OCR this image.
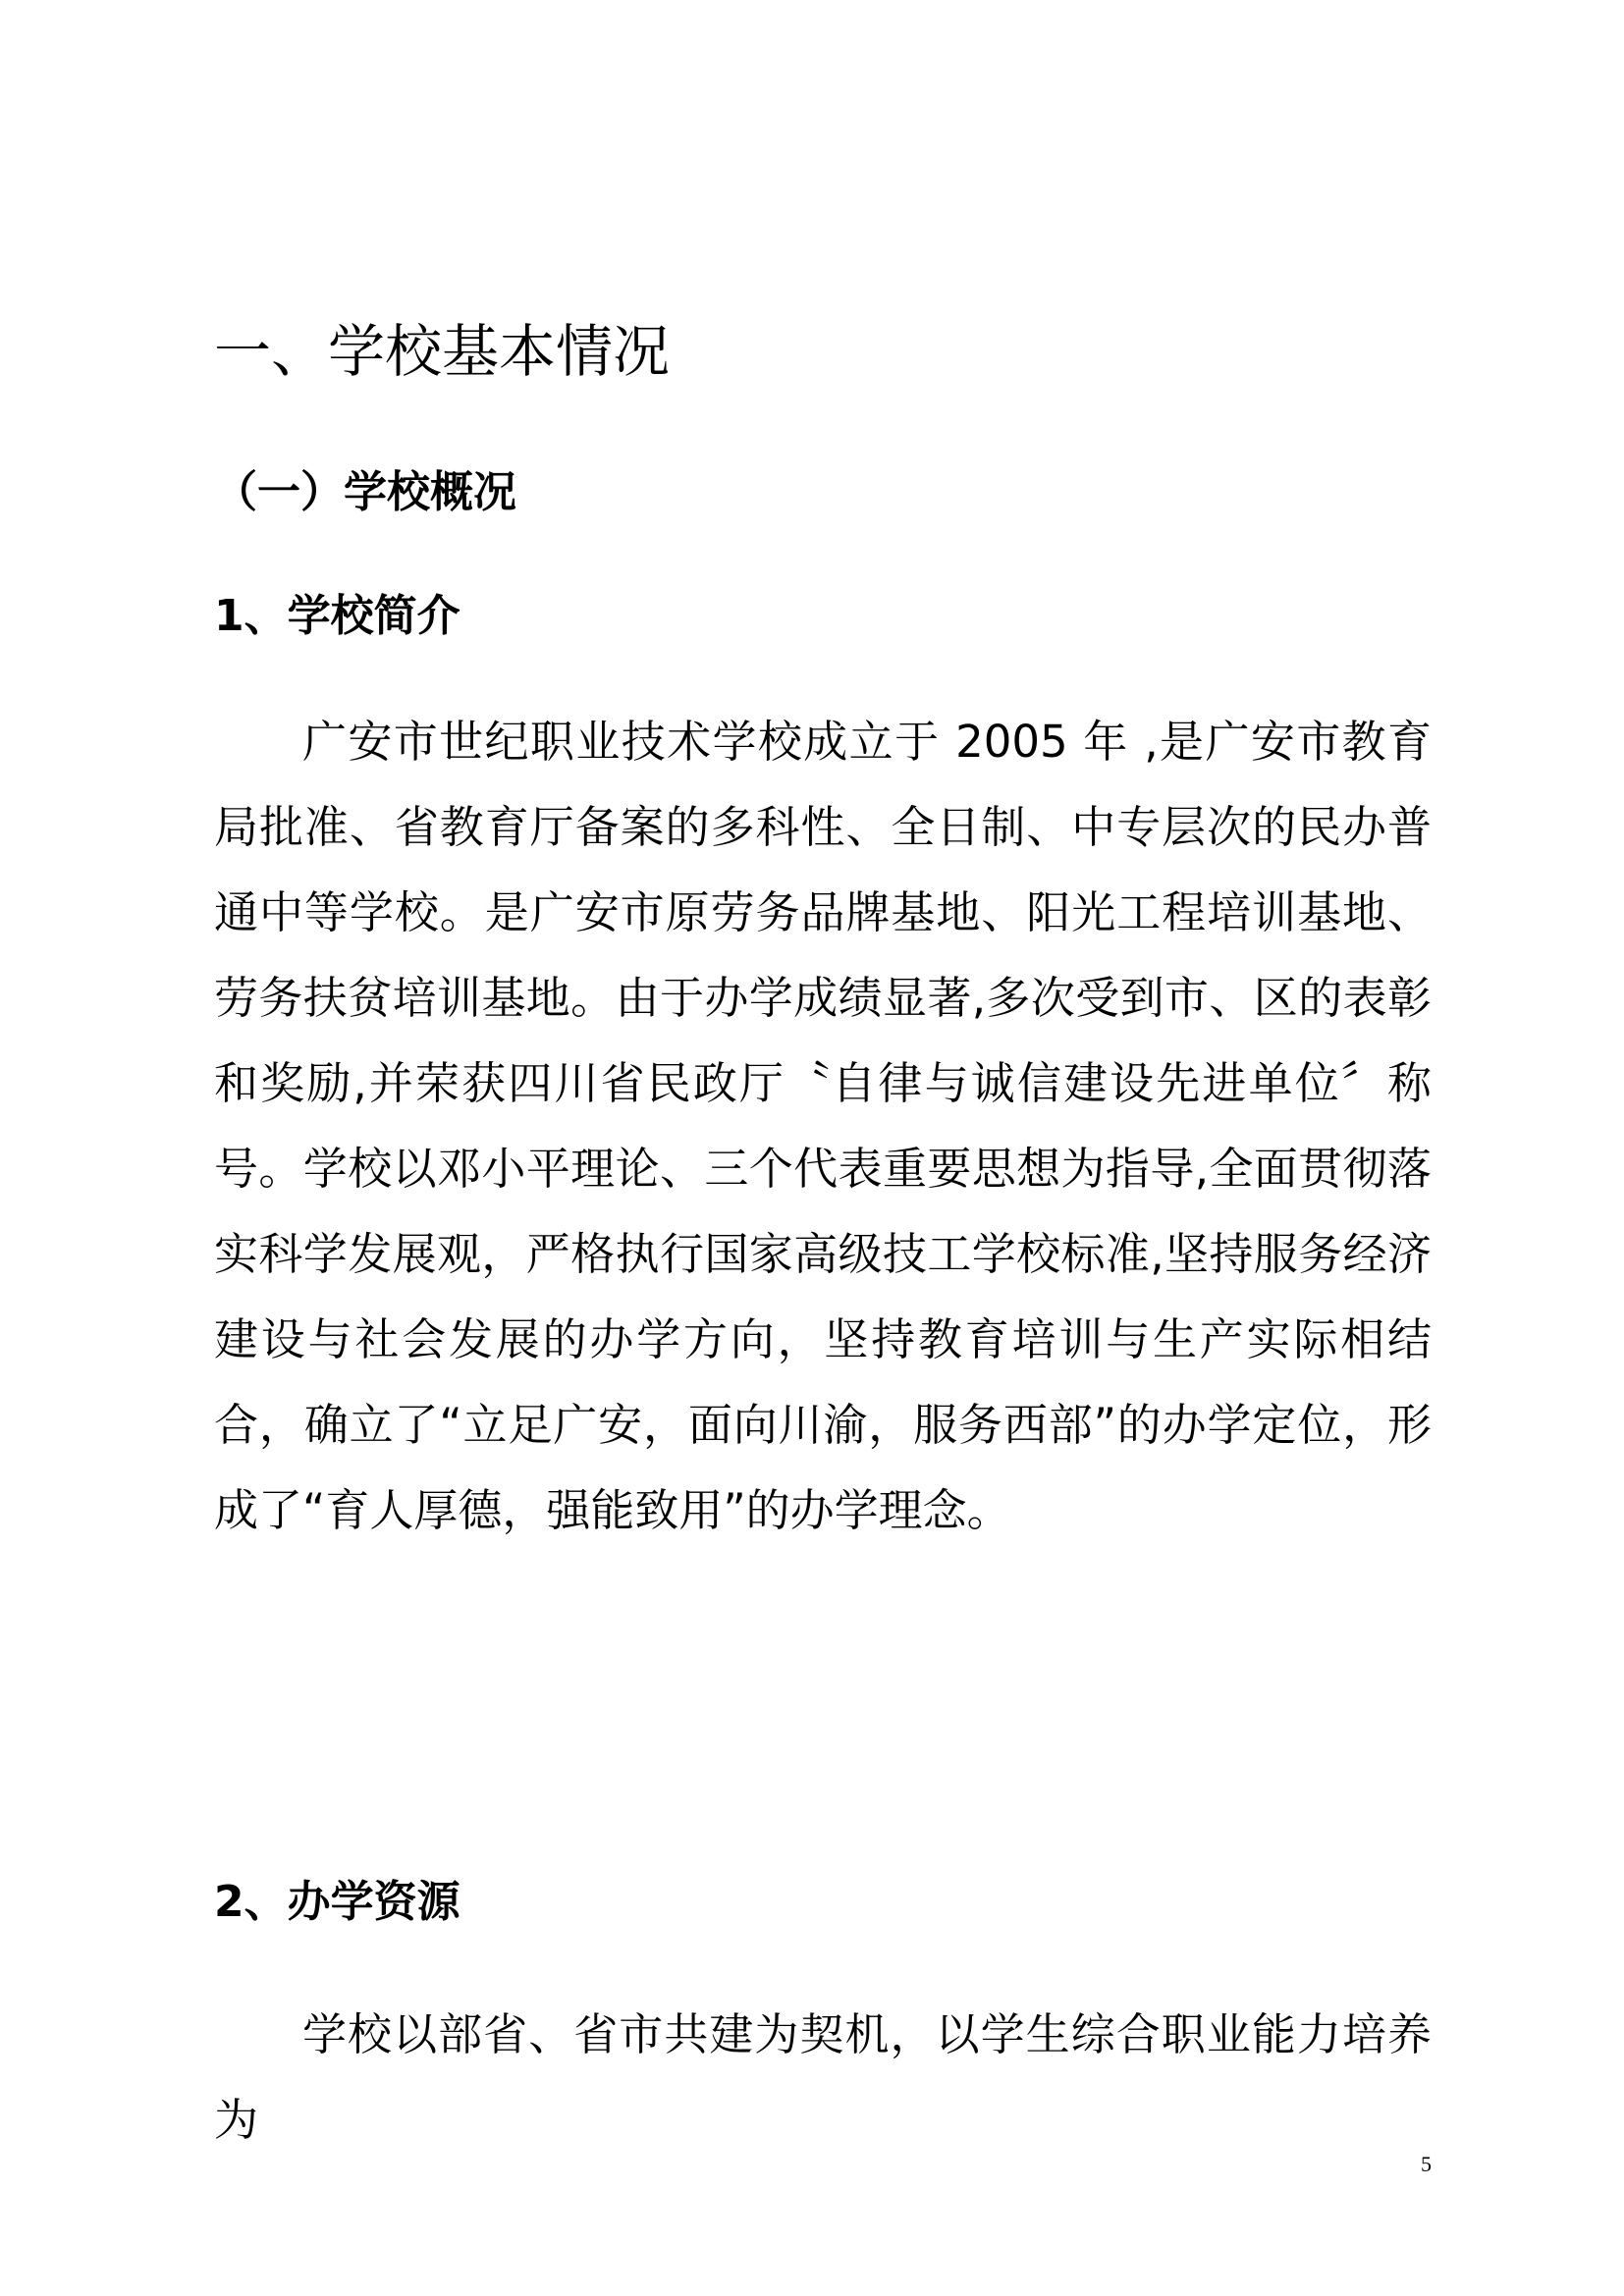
一、学校基本情况
（一）学校概况
1、学校简介

广安市世纪职业技术学校成立于 2005 年 ,是广安市教育局批准、省教育厅备案的多科性、全日制、中专层次的民办普通中等学校。是广安市原劳务品牌基地、阳光工程培训基地、劳务扶贫培训基地。由于办学成绩显著,多次受到市、区的表彰和奖励,并荣获四川省民政厅〝自律与诚信建设先进单位〞称号。学校以邓小平理论、三个代表重要思想为指导,全面贯彻落实科学发展观，严格执行国家高级技工学校标准,坚持服务经济建设与社会发展的办学方向，坚持教育培训与生产实际相结合，确立了“立足广安，面向川渝，服务西部”的办学定位，形成了“育人厚德，强能致用”的办学理念。

2、办学资源

学校以部省、省市共建为契机，以学生综合职业能力培养为

5
